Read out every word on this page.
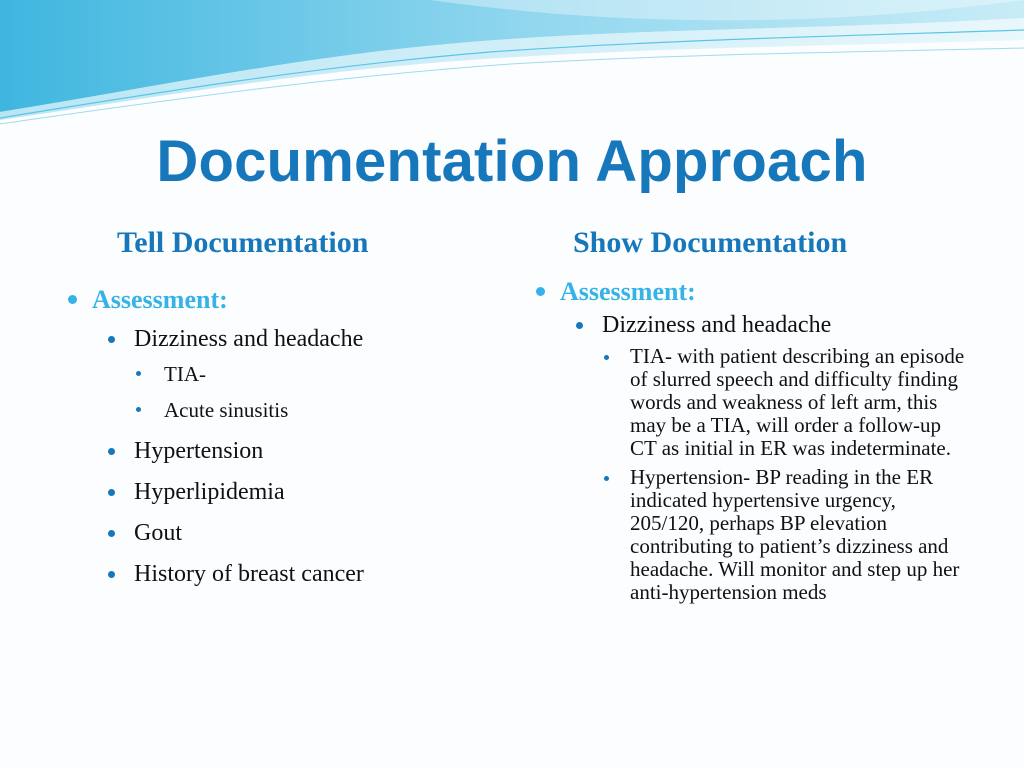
Documentation Approach
Tell Documentation	Show Documentation
Assessment:
Dizziness and headache
TIA-
Acute sinusitis
Hypertension
Hyperlipidemia
Gout
History of breast cancer
Assessment:
Dizziness and headache
TIA- with patient describing an episode of slurred speech and difficulty finding words and weakness of left arm, this may be a TIA, will order a follow-up CT as initial in ER was indeterminate.
Hypertension- BP reading in the ER indicated hypertensive urgency, 205/120, perhaps BP elevation contributing to patient’s dizziness and headache. Will monitor and step up her anti-hypertension meds
